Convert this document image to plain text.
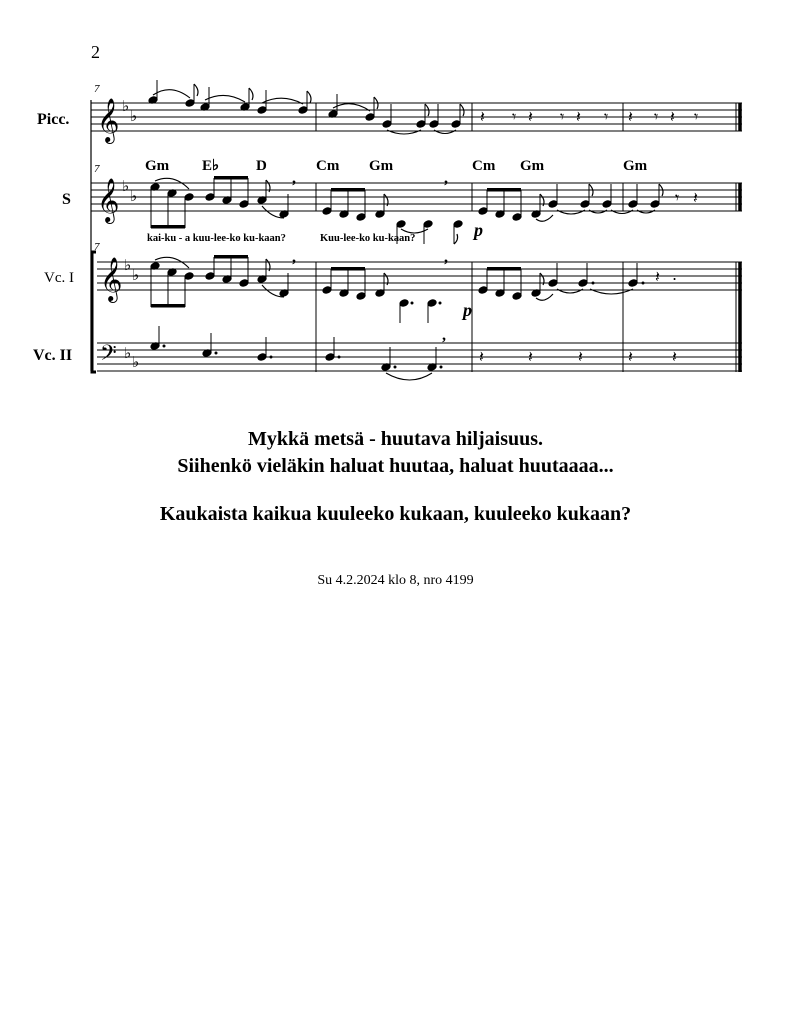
2
7
7
7
Picc.
S
Vc. I
Vc. II
𝄞 ♭
♭	𝄽 𝄾 𝄽 𝄾 𝄽 𝄾 𝄽 𝄾 𝄽 𝄾
Gm E♭ D	Cm Gm	Cm Gm	Gm
𝄞 ♭
♭
,	,
𝄾 𝄽
kai-ku - a kuu-lee-ko ku-kaan?	Kuu-lee-ko ku-kaan?	p
𝄞 ♭
♭
,	,
𝄽 .
p
𝄢 ♭ ♭
,
𝄽	𝄽	𝄽	𝄽 𝄽
Mykkä metsä - huutava hiljaisuus.
Siihenkö vieläkin haluat huutaa, haluat huutaaaa...
Kaukaista kaikua kuuleeko kukaan, kuuleeko kukaan?
Su 4.2.2024 klo 8, nro 4199
